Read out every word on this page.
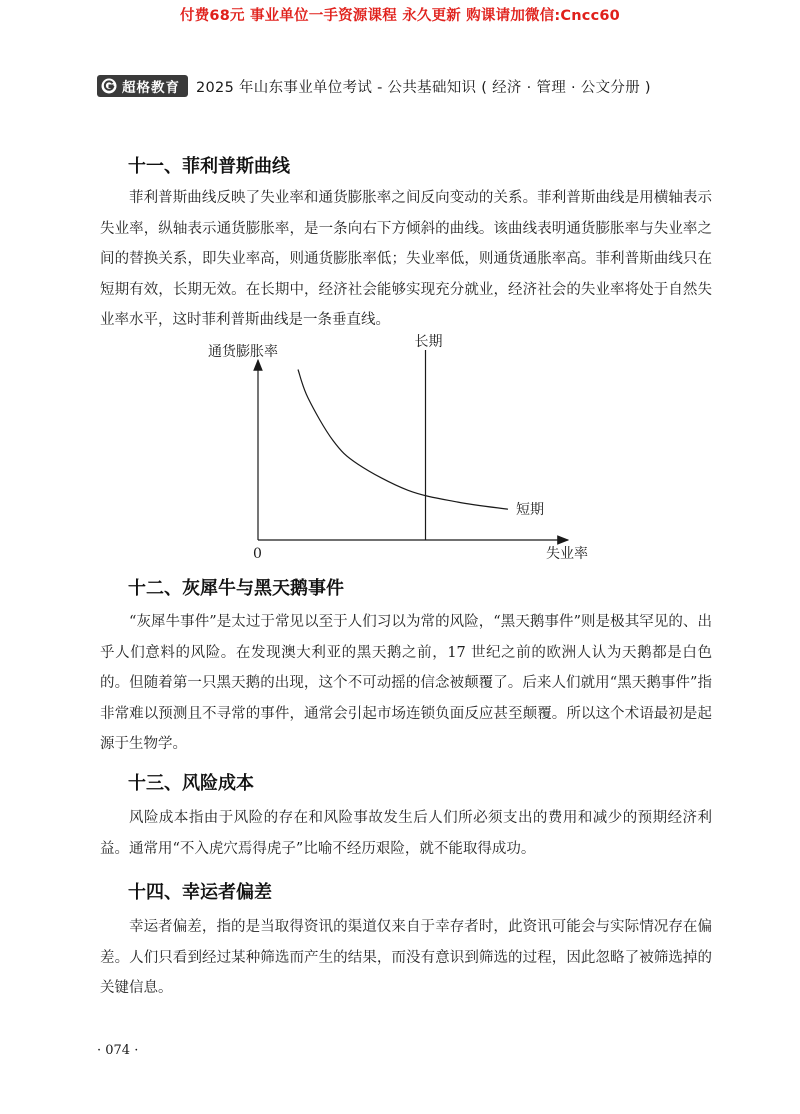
付费68元 事业单位一手资源课程 永久更新 购课请加微信:Cncc60
超格教育 2025 年山东事业单位考试 - 公共基础知识 ( 经济 · 管理 · 公文分册 )
十一、菲利普斯曲线

菲利普斯曲线反映了失业率和通货膨胀率之间反向变动的关系。菲利普斯曲线是用横轴表示失业率，纵轴表示通货膨胀率，是一条向右下方倾斜的曲线。该曲线表明通货膨胀率与失业率之间的替换关系，即失业率高，则通货膨胀率低；失业率低，则通货通胀率高。菲利普斯曲线只在短期有效，长期无效。在长期中，经济社会能够实现充分就业，经济社会的失业率将处于自然失业率水平，这时菲利普斯曲线是一条垂直线。

通货膨胀率
失业率
0
短期
长期
十二、灰犀牛与黑天鹅事件

“灰犀牛事件”是太过于常见以至于人们习以为常的风险，“黑天鹅事件”则是极其罕见的、出乎人们意料的风险。在发现澳大利亚的黑天鹅之前，17 世纪之前的欧洲人认为天鹅都是白色的。但随着第一只黑天鹅的出现，这个不可动摇的信念被颠覆了。后来人们就用“黑天鹅事件”指非常难以预测且不寻常的事件，通常会引起市场连锁负面反应甚至颠覆。所以这个术语最初是起源于生物学。

十三、风险成本

风险成本指由于风险的存在和风险事故发生后人们所必须支出的费用和减少的预期经济利益。通常用“不入虎穴焉得虎子”比喻不经历艰险，就不能取得成功。

十四、幸运者偏差

幸运者偏差，指的是当取得资讯的渠道仅来自于幸存者时，此资讯可能会与实际情况存在偏差。人们只看到经过某种筛选而产生的结果，而没有意识到筛选的过程，因此忽略了被筛选掉的关键信息。

· 074 ·
